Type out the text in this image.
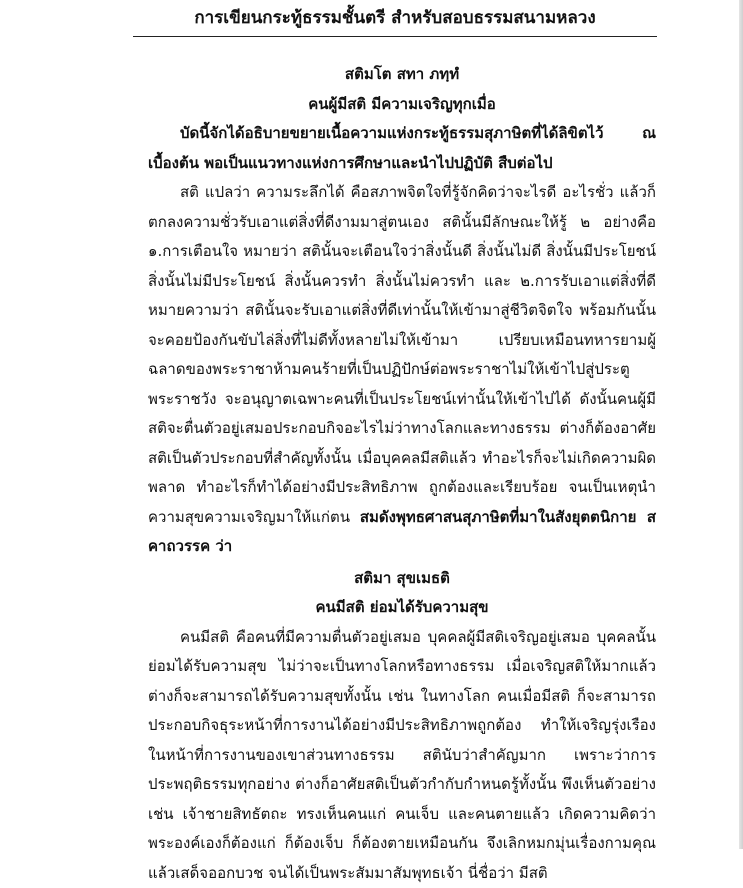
การเขียนกระทู้ธรรมชั้นตรี สำหรับสอบธรรมสนามหลวง
สติมโต สทา ภทฺทํ
คนผู้มีสติ มีความเจริญทุกเมื่อ

บัดนี้จักได้อธิบายขยายเนื้อความแห่งกระทู้ธรรมสุภาษิตที่ได้ลิขิตไว้ ณ เบื้องต้น พอเป็นแนวทางแห่งการศึกษาและนำไปปฏิบัติ สืบต่อไป

สติ แปลว่า ความระลึกได้ คือสภาพจิตใจที่รู้จักคิดว่าจะไรดี อะไรชั่ว แล้วก็ตกลงความชั่วรับเอาแต่สิ่งที่ดีงามมาสู่ตนเอง สตินั้นมีลักษณะให้รู้ ๒ อย่างคือ ๑.การเตือนใจ หมายว่า สตินั้นจะเตือนใจว่าสิ่งนั้นดี สิ่งนั้นไม่ดี สิ่งนั้นมีประโยชน์ สิ่งนั้นไม่มีประโยชน์ สิ่งนั้นควรทำ สิ่งนั้นไม่ควรทำ และ ๒.การรับเอาแต่สิ่งที่ดี หมายความว่า สตินั้นจะรับเอาแต่สิ่งที่ดีเท่านั้นให้เข้ามาสู่ชีวิตจิตใจ พร้อมกันนั้นจะคอยป้องกันขับไล่สิ่งที่ไม่ดีทั้งหลายไม่ให้เข้ามา เปรียบเหมือนทหารยามผู้ฉลาดของพระราชาห้ามคนร้ายที่เป็นปฏิปักษ์ต่อพระราชาไม่ให้เข้าไปสู่ประตูพระราชวัง จะอนุญาตเฉพาะคนที่เป็นประโยชน์เท่านั้นให้เข้าไปได้ ดังนั้นคนผู้มีสติจะตื่นตัวอยู่เสมอประกอบกิจอะไรไม่ว่าทางโลกและทางธรรม ต่างก็ต้องอาศัยสติเป็นตัวประกอบที่สำคัญทั้งนั้น เมื่อบุคคลมีสติแล้ว ทำอะไรก็จะไม่เกิดความผิดพลาด ทำอะไรก็ทำได้อย่างมีประสิทธิภาพ ถูกต้องและเรียบร้อย จนเป็นเหตุนำความสุขความเจริญมาให้แก่ตน สมดังพุทธศาสนสุภาษิตที่มาในสังยุตตนิกาย สคาถวรรค ว่า

สติมา สุขเมธติ
คนมีสติ ย่อมได้รับความสุข

คนมีสติ คือคนที่มีความตื่นตัวอยู่เสมอ บุคคลผู้มีสติเจริญอยู่เสมอ บุคคลนั้นย่อมได้รับความสุข ไม่ว่าจะเป็นทางโลกหรือทางธรรม เมื่อเจริญสติให้มากแล้ว ต่างก็จะสามารถได้รับความสุขทั้งนั้น เช่น ในทางโลก คนเมื่อมีสติ ก็จะสามารถประกอบกิจธุระหน้าที่การงานได้อย่างมีประสิทธิภาพถูกต้อง ทำให้เจริญรุ่งเรืองในหน้าที่การงานของเขาส่วนทางธรรม สตินับว่าสำคัญมาก เพราะว่าการประพฤติธรรมทุกอย่าง ต่างก็อาศัยสติเป็นตัวกำกับกำหนดรู้ทั้งนั้น พึงเห็นตัวอย่างเช่น เจ้าชายสิทธัตถะ ทรงเห็นคนแก่ คนเจ็บ และคนตายแล้ว เกิดความคิดว่าพระองค์เองก็ต้องแก่ ก็ต้องเจ็บ ก็ต้องตายเหมือนกัน จึงเลิกหมกมุ่นเรื่องกามคุณแล้วเสด็จออกบวช จนได้เป็นพระสัมมาสัมพุทธเจ้า นี่ชื่อว่า มีสติ
